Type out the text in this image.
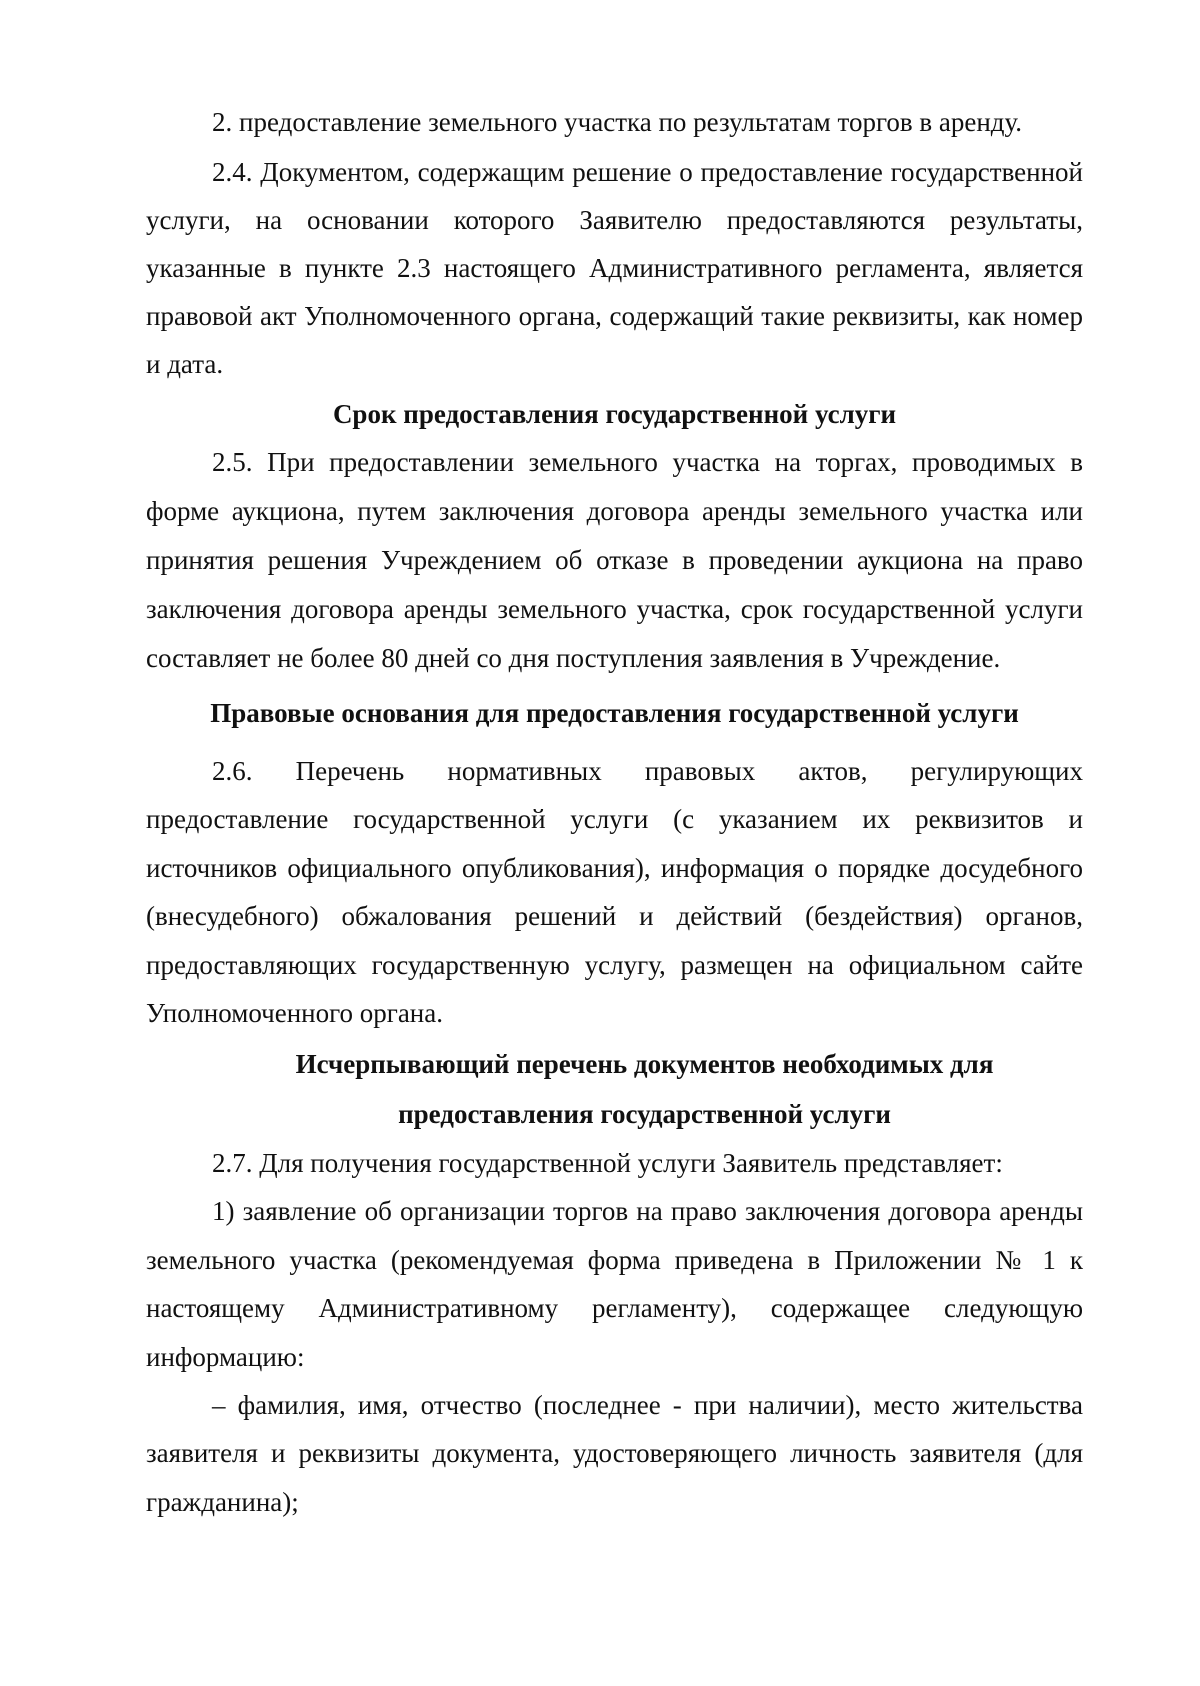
2. предоставление земельного участка по результатам торгов в аренду.

2.4. Документом, содержащим решение о предоставление государственной услуги, на основании которого Заявителю предоставляются результаты, указанные в пункте 2.3 настоящего Административного регламента, является правовой акт Уполномоченного органа, содержащий такие реквизиты, как номер и дата.

Срок предоставления государственной услуги

2.5. При предоставлении земельного участка на торгах, проводимых в форме аукциона, путем заключения договора аренды земельного участка или принятия решения Учреждением об отказе в проведении аукциона на право заключения договора аренды земельного участка, срок государственной услуги составляет не более 80 дней со дня поступления заявления в Учреждение.

Правовые основания для предоставления государственной услуги

2.6. Перечень нормативных правовых актов, регулирующих предоставление государственной услуги (с указанием их реквизитов и источников официального опубликования), информация о порядке досудебного (внесудебного) обжалования решений и действий (бездействия) органов, предоставляющих государственную услугу, размещен на официальном сайте Уполномоченного органа.

Исчерпывающий перечень документов необходимых для предоставления государственной услуги

2.7. Для получения государственной услуги Заявитель представляет:

1) заявление об организации торгов на право заключения договора аренды земельного участка (рекомендуемая форма приведена в Приложении № 1 к настоящему Административному регламенту), содержащее следующую информацию:

– фамилия, имя, отчество (последнее - при наличии), место жительства заявителя и реквизиты документа, удостоверяющего личность заявителя (для гражданина);
